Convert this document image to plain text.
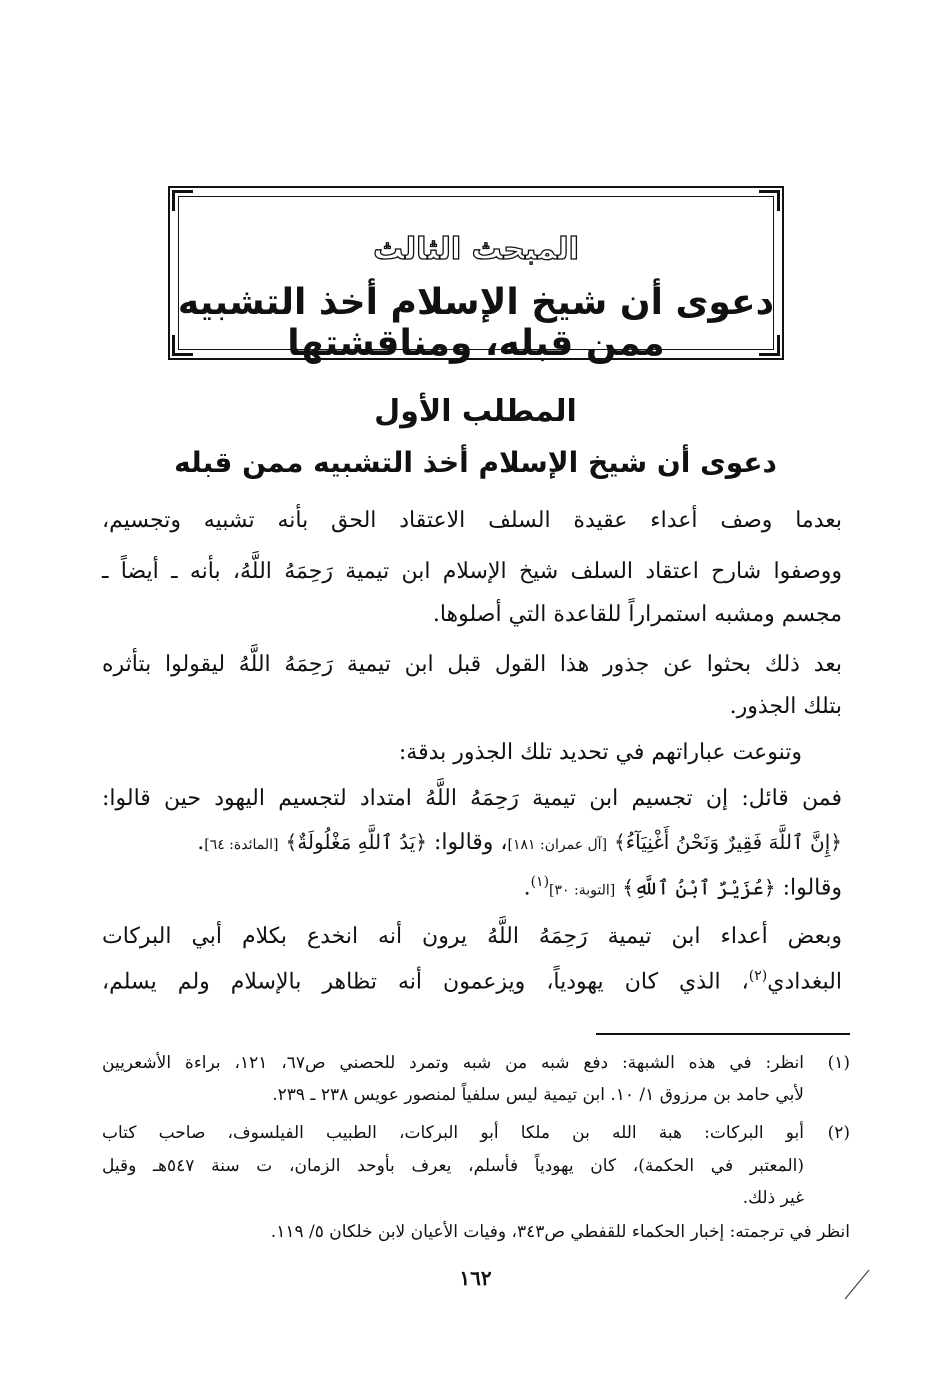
المبحث الثالث
دعوى أن شيخ الإسلام أخذ التشبيه ممن قبله، ومناقشتها
المطلب الأول
دعوى أن شيخ الإسلام أخذ التشبيه ممن قبله
بعدما وصف أعداء عقيدة السلف الاعتقاد الحق بأنه تشبيه وتجسيم،
ووصفوا شارح اعتقاد السلف شيخ الإسلام ابن تيمية رَحِمَهُ اللَّهُ، بأنه ـ أيضاً ـ
مجسم ومشبه استمراراً للقاعدة التي أصلوها.
بعد ذلك بحثوا عن جذور هذا القول قبل ابن تيمية رَحِمَهُ اللَّهُ ليقولوا بتأثره
بتلك الجذور.
وتنوعت عباراتهم في تحديد تلك الجذور بدقة:
فمن قائل: إن تجسيم ابن تيمية رَحِمَهُ اللَّهُ امتداد لتجسيم اليهود حين قالوا:
﴿إِنَّ ٱللَّهَ فَقِيرٌ وَنَحْنُ أَغْنِيَآءُ﴾ [آل عمران: ١٨١]، وقالوا: ﴿يَدُ ٱللَّهِ مَغْلُولَةٌ﴾ [المائدة: ٦٤].
وقالوا: ﴿عُزَيْرٌ ٱبْنُ ٱللَّهِ﴾ [التوبة: ٣٠]$^{(١)}$.
وبعض أعداء ابن تيمية رَحِمَهُ اللَّهُ يرون أنه انخدع بكلام أبي البركات
البغدادي$^{(٢)}$، الذي كان يهودياً، ويزعمون أنه تظاهر بالإسلام ولم يسلم،
(١)
انظر: في هذه الشبهة: دفع شبه من شبه وتمرد للحصني ص٦٧، ١٢١، براءة الأشعريين
لأبي حامد بن مرزوق ١/ ١٠. ابن تيمية ليس سلفياً لمنصور عويس ٢٣٨ ـ ٢٣٩.
(٢)
أبو البركات: هبة الله بن ملكا أبو البركات، الطبيب الفيلسوف، صاحب كتاب
(المعتبر في الحكمة)، كان يهودياً فأسلم، يعرف بأوحد الزمان، ت سنة ٥٤٧هـ وقيل
غير ذلك.
انظر في ترجمته: إخبار الحكماء للقفطي ص٣٤٣، وفيات الأعيان لابن خلكان ٥/ ١١٩.
١٦٢
